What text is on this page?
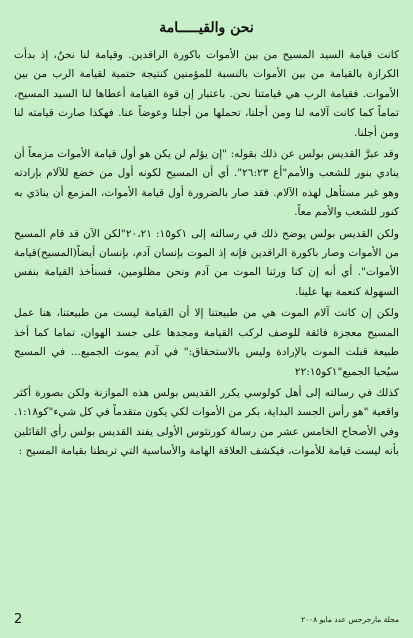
نحن والقيـــــامة

كانت قيامة السيد المسيح من بين الأموات باكورة الراقدين. وقيامة لنا نحنُ، إذ بدأت الكرازة بالقيامة من بين الأموات بالنسبة للمؤمنين كنتيجة حتمية لقيامة الرب من بين الأموات. فقيامة الرب هي قيامتنا نحن. باعتبار إن قوة القيامة أعطاها لنا السيد المسيح، تماماً كما كانت آلامه لنا ومن أجلنا، تحملها من أجلنا وعوضاً عنا. فهكذا صارت قيامته لنا ومن أجلنا.

وقد عبرَّ القديس بولس عن ذلك بقوله: "إن يؤلم لن يكن هو أول قيامة الأموات مزمعاً أن ينادي بنور للشعب والأمم"أع ٢٦:٢٣". أي أن المسيح لكونه أول من خضع للآلام بإرادته وهو غير مستأهل لهذه الآلام. فقد صار بالضرورة أول قيامة الأموات، المزمع أن ينادَي به كنور للشعب والأمم معاً.

ولكن القديس بولس يوضح ذلك في رسالته إلى ١كو١٥: ٢٠،٢١"لكن الآن قد قام المسيح من الأموات وصار باكورة الراقدين فإنه إذ الموت بإنسان آدم، بإنسان أيضاً(المسيح)قيامة الأموات". أي أنه إن كنا ورثنا الموت من آدم ونحن مظلومين، فسنأخذ القيامة بنفس السهولة كنعمة بها علينا.

ولكن إن كانت آلام الموت هي من طبيعتنا إلا أن القيامة ليست من طبيعتنا، هنا عمل المسيح معجزة فائقة للوصف لركب القيامة ومجدها على جسد الهوان، تماما كما أخذ طبيعة قبلت الموت بالإرادة وليس بالاستحقاق:" في آدم يموت الجميع... في المسيح سيُحيا الجميع"١كو٢٢:١٥

كذلك في رسالته إلى أهل كولوسي يكرر القديس بولس هذه الموازنة ولكن بصورة أكثر واقعية "هو رأس الجسد البداية، بكر من الأموات لكي يكون متقدماً في كل شيء"كو١:١٨. وفي الأصحاح الخامس عشر من رسالة كورنثوس الأولى يفند القديس بولس رأي القائلين بأنه ليست قيامة للأموات، فيكشف العلاقة الهامة والأساسية التي تربطنا بقيامة المسيح :

2	مجلة مارجرجس عدد مايو ٢٠٠٨
